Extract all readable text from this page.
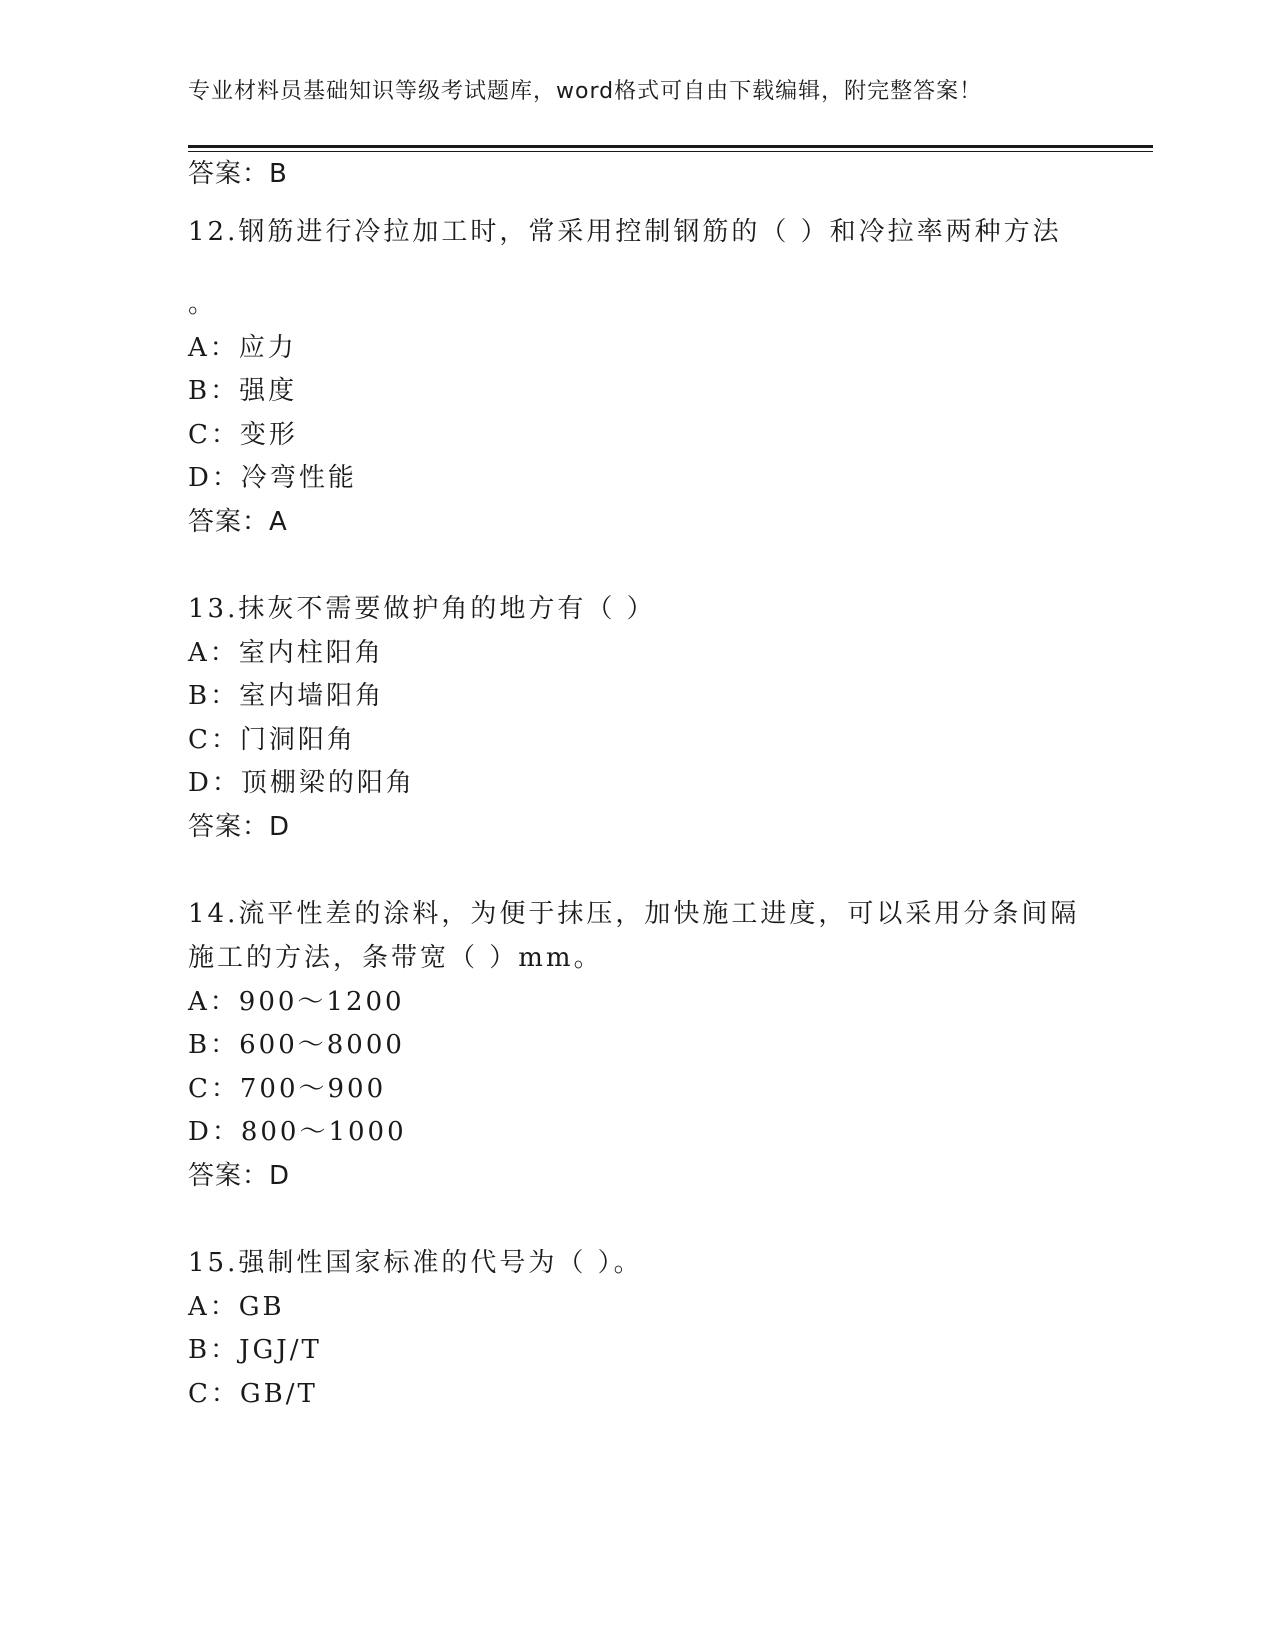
专业材料员基础知识等级考试题库，word格式可自由下载编辑，附完整答案！
答案：B
12.钢筋进行冷拉加工时，常采用控制钢筋的（ ）和冷拉率两种方法
。
A：应力
B：强度
C：变形
D：冷弯性能
答案：A
13.抹灰不需要做护角的地方有（ ）
A：室内柱阳角
B：室内墙阳角
C：门洞阳角
D：顶棚梁的阳角
答案：D
14.流平性差的涂料，为便于抹压，加快施工进度，可以采用分条间隔
施工的方法，条带宽（ ）mm。
A：900～1200
B：600～8000
C：700～900
D：800～1000
答案：D
15.强制性国家标准的代号为（ ）。
A：GB
B：JGJ/T
C：GB/T
